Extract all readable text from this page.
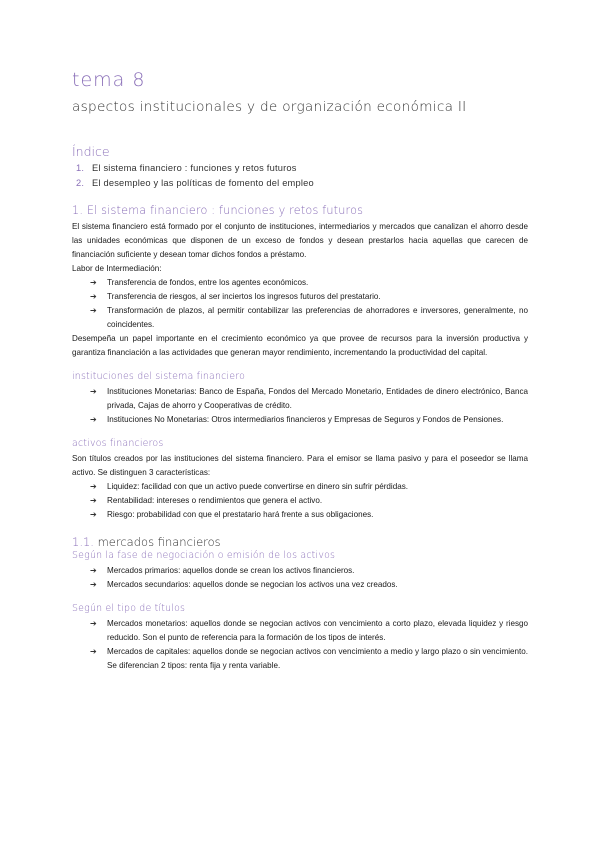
tema 8
aspectos institucionales y de organización económica II
Índice
1. El sistema financiero : funciones y retos futuros
2. El desempleo y las políticas de fomento del empleo
1. El sistema financiero : funciones y retos futuros

El sistema financiero está formado por el conjunto de instituciones, intermediarios y mercados que canalizan el ahorro desde las unidades económicas que disponen de un exceso de fondos y desean prestarlos hacia aquellas que carecen de financiación suficiente y desean tomar dichos fondos a préstamo.

Labor de Intermediación:

➔ Transferencia de fondos, entre los agentes económicos.
➔ Transferencia de riesgos, al ser inciertos los ingresos futuros del prestatario.
➔ Transformación de plazos, al permitir contabilizar las preferencias de ahorradores e inversores, generalmente, no coincidentes.

Desempeña un papel importante en el crecimiento económico ya que provee de recursos para la inversión productiva y garantiza financiación a las actividades que generan mayor rendimiento, incrementando la productividad del capital.

instituciones del sistema financiero
➔ Instituciones Monetarias: Banco de España, Fondos del Mercado Monetario, Entidades de dinero electrónico, Banca privada, Cajas de ahorro y Cooperativas de crédito.
➔ Instituciones No Monetarias: Otros intermediarios financieros y Empresas de Seguros y Fondos de Pensiones.
activos financieros

Son títulos creados por las instituciones del sistema financiero. Para el emisor se llama pasivo y para el poseedor se llama activo. Se distinguen 3 características:

➔ Liquidez: facilidad con que un activo puede convertirse en dinero sin sufrir pérdidas.
➔ Rentabilidad: intereses o rendimientos que genera el activo.
➔ Riesgo: probabilidad con que el prestatario hará frente a sus obligaciones.
1.1. mercados financieros
Según la fase de negociación o emisión de los activos
➔ Mercados primarios: aquellos donde se crean los activos financieros.
➔ Mercados secundarios: aquellos donde se negocian los activos una vez creados.
Según el tipo de títulos
➔ Mercados monetarios: aquellos donde se negocian activos con vencimiento a corto plazo, elevada liquidez y riesgo reducido. Son el punto de referencia para la formación de los tipos de interés.
➔ Mercados de capitales: aquellos donde se negocian activos con vencimiento a medio y largo plazo o sin vencimiento. Se diferencian 2 tipos: renta fija y renta variable.
